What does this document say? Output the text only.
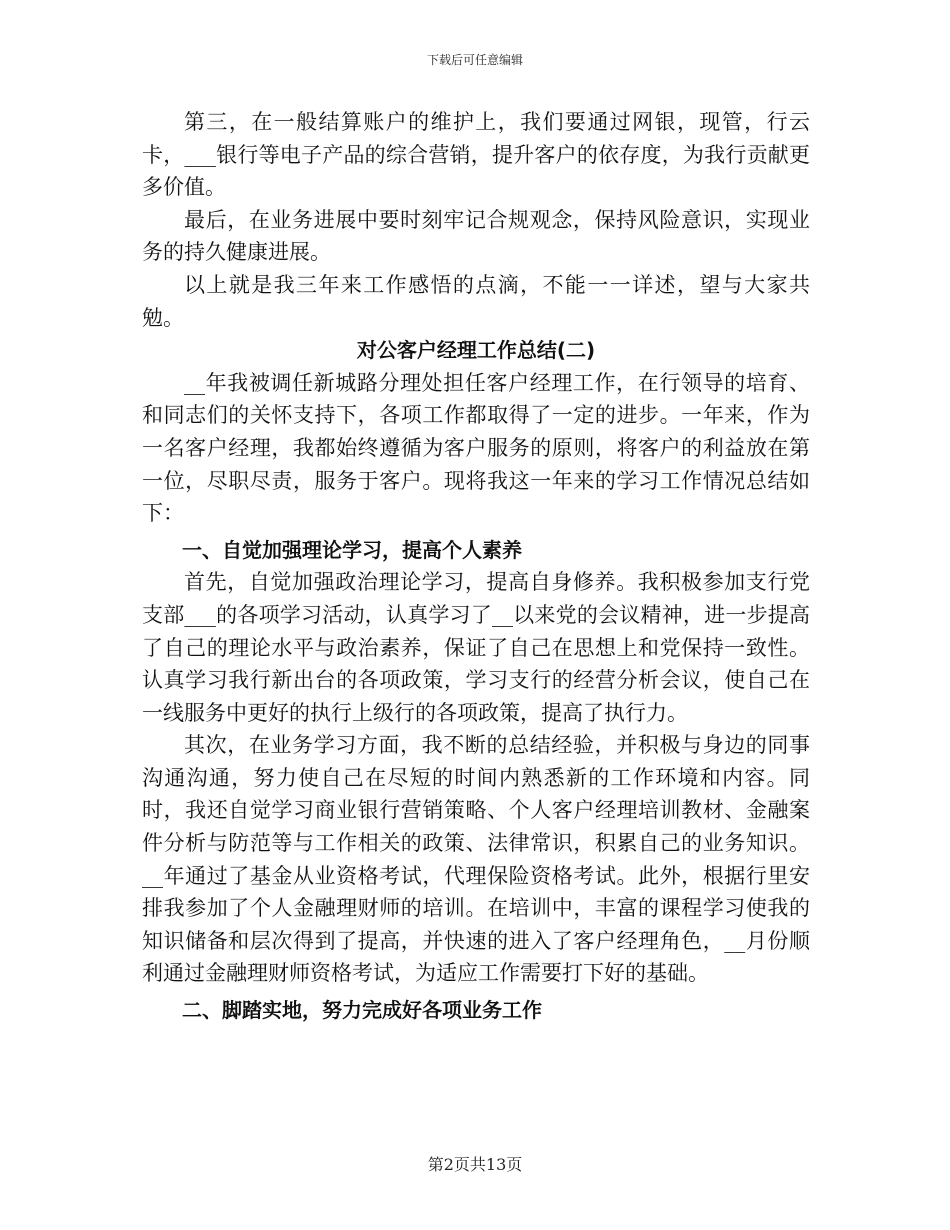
下载后可任意编辑

第三，在一般结算账户的维护上，我们要通过网银，现管，行云卡，___银行等电子产品的综合营销，提升客户的依存度，为我行贡献更多价值。

最后，在业务进展中要时刻牢记合规观念，保持风险意识，实现业务的持久健康进展。

以上就是我三年来工作感悟的点滴，不能一一详述，望与大家共勉。

对公客户经理工作总结(二)

__年我被调任新城路分理处担任客户经理工作，在行领导的培育、和同志们的关怀支持下，各项工作都取得了一定的进步。一年来，作为一名客户经理，我都始终遵循为客户服务的原则，将客户的利益放在第一位，尽职尽责，服务于客户。现将我这一年来的学习工作情况总结如下：

一、自觉加强理论学习，提高个人素养

首先，自觉加强政治理论学习，提高自身修养。我积极参加支行党支部___的各项学习活动，认真学习了__以来党的会议精神，进一步提高了自己的理论水平与政治素养，保证了自己在思想上和党保持一致性。认真学习我行新出台的各项政策，学习支行的经营分析会议，使自己在一线服务中更好的执行上级行的各项政策，提高了执行力。

其次，在业务学习方面，我不断的总结经验，并积极与身边的同事沟通沟通，努力使自己在尽短的时间内熟悉新的工作环境和内容。同时，我还自觉学习商业银行营销策略、个人客户经理培训教材、金融案件分析与防范等与工作相关的政策、法律常识，积累自己的业务知识。__年通过了基金从业资格考试，代理保险资格考试。此外，根据行里安排我参加了个人金融理财师的培训。在培训中，丰富的课程学习使我的知识储备和层次得到了提高，并快速的进入了客户经理角色，__月份顺利通过金融理财师资格考试，为适应工作需要打下好的基础。

二、脚踏实地，努力完成好各项业务工作

第2页共13页
